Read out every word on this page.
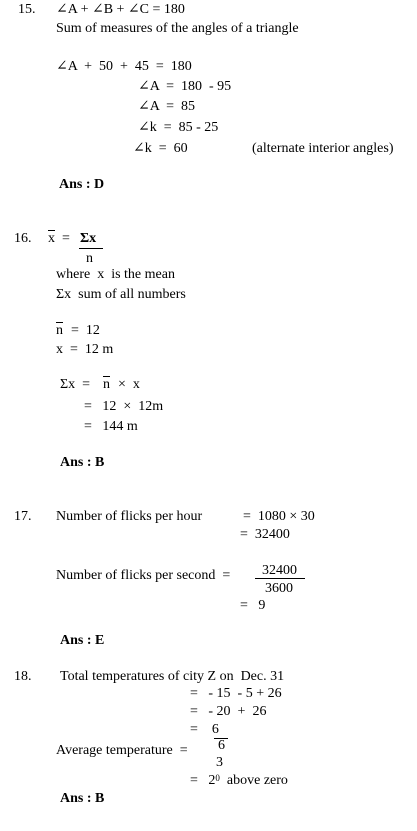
15. ∠A + ∠B + ∠C = 180
Sum of measures of the angles of a triangle
∠A  +  50  +  45  =  180
∠A  =  180  - 95
∠A  =  85
∠k  =  85 - 25
∠k  =  60	(alternate interior angles)
Ans : D
16. $\overline{x} = \Sigma x$
n
where  x  is the mean
Σx  sum of all numbers
$\overline{n} = 12$
x  =  12 m
$\Sigma x = \overline{n} \times x$
=   12  ×  12m
=   144 m
Ans : B
17. Number of flicks per hour	=  1080 × 30
=  32400
Number of flicks per second  = 32400
3600
=   9
Ans : E
18. Total temperatures of city Z on  Dec. 31
=   - 15  - 5 + 26
=   - 20  +  26
=    6
Average temperature  = 6
3
=   $2^0$  above zero
Ans : B
